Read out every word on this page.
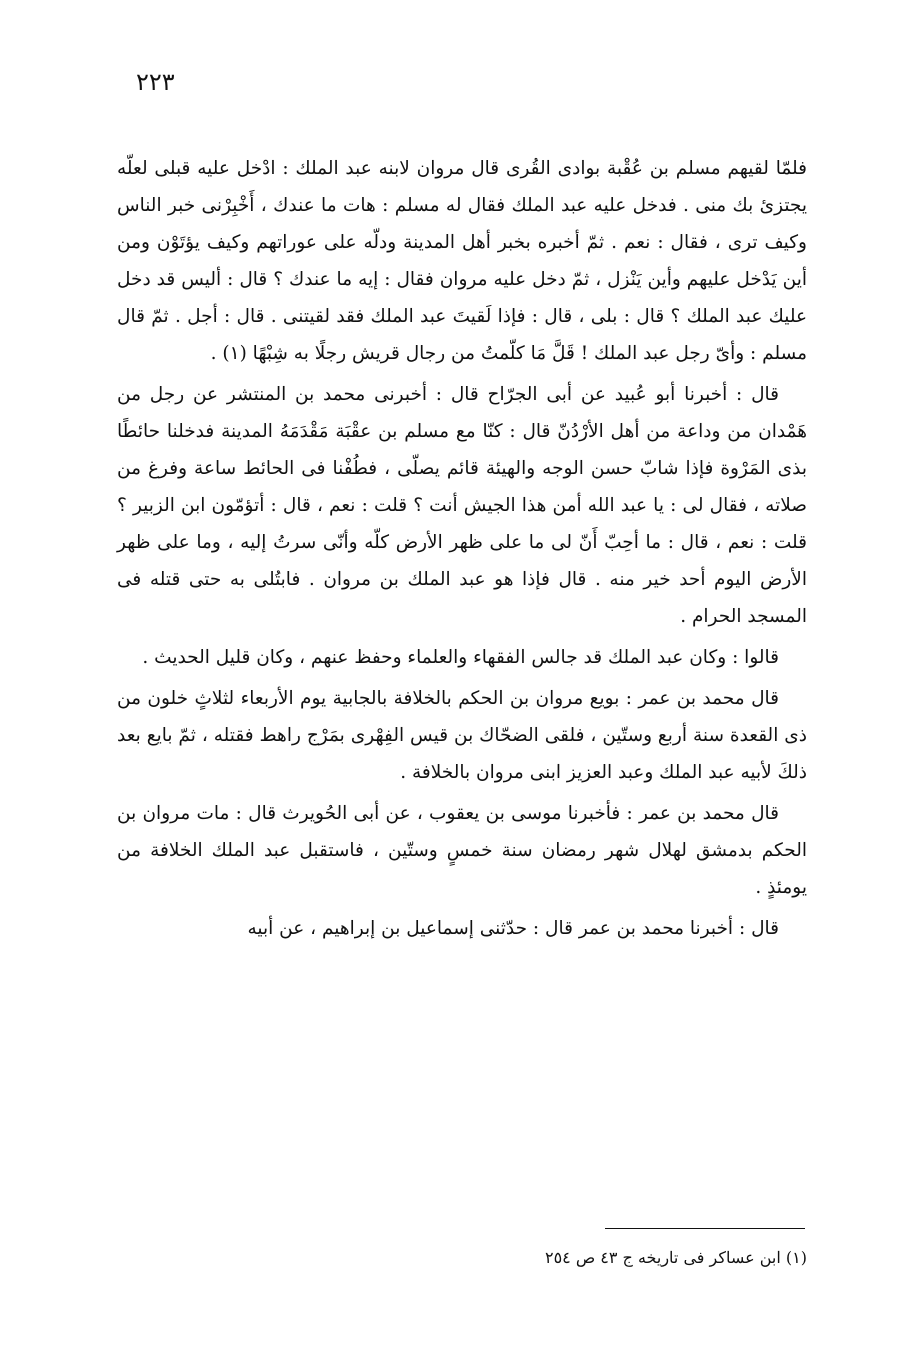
٢٢٣

فلمّا لقيهم مسلم بن عُقْبة بوادى القُرى قال مروان لابنه عبد الملك : ادْخل عليه قبلى لعلّه يجتزئ بك منى . فدخل عليه عبد الملك فقال له مسلم : هات ما عندك ، أَخْبِرْنى خبر الناس وكيف ترى ، فقال : نعم . ثمّ أخبره بخبر أهل المدينة ودلّه على عوراتهم وكيف يؤتَوْن ومن أين يَدْخل عليهم وأين يَنْزل ، ثمّ دخل عليه مروان فقال : إيه ما عندك ؟ قال : أليس قد دخل عليك عبد الملك ؟ قال : بلى ، قال : فإذا لَقيتَ عبد الملك فقد لقيتنى . قال : أجل . ثمّ قال مسلم : وأىّ رجل عبد الملك ! قَلَّ مَا كلّمتُ من رجال قريش رجلًا به شِبْهًا (١) .

قال : أخبرنا أبو عُبيد عن أبى الجرّاح قال : أخبرنى محمد بن المنتشر عن رجل من هَمْدان من وداعة من أهل الأرْدُنّ قال : كنّا مع مسلم بن عقْبَة مَقْدَمَهُ المدينة فدخلنا حائطًا بذى المَرْوة فإذا شابّ حسن الوجه والهيئة قائم يصلّى ، فطُفْنا فى الحائط ساعة وفرغ من صلاته ، فقال لى : يا عبد الله أمن هذا الجيش أنت ؟ قلت : نعم ، قال : أتؤمّون ابن الزبير ؟ قلت : نعم ، قال : ما أحِبّ أَنّ لى ما على ظهر الأرض كلّه وأنّى سرتُ إليه ، وما على ظهر الأرض اليوم أحد خير منه . قال فإذا هو عبد الملك بن مروان . فابتُلى به حتى قتله فى المسجد الحرام .

قالوا : وكان عبد الملك قد جالس الفقهاء والعلماء وحفظ عنهم ، وكان قليل الحديث .

قال محمد بن عمر : بويع مروان بن الحكم بالخلافة بالجابية يوم الأربعاء لثلاثٍ خلون من ذى القعدة سنة أربع وستّين ، فلقى الضحّاك بن قيس الفِهْرى بمَرْج راهط فقتله ، ثمّ بايع بعد ذلكَ لأبيه عبد الملك وعبد العزيز ابنى مروان بالخلافة .

قال محمد بن عمر : فأخبرنا موسى بن يعقوب ، عن أبى الحُويرث قال : مات مروان بن الحكم بدمشق لهلال شهر رمضان سنة خمسٍ وستّين ، فاستقبل عبد الملك الخلافة من يومئذٍ .

قال : أخبرنا محمد بن عمر قال : حدّثنى إسماعيل بن إبراهيم ، عن أبيه

(١) ابن عساكر فى تاريخه ج ٤٣ ص ٢٥٤
